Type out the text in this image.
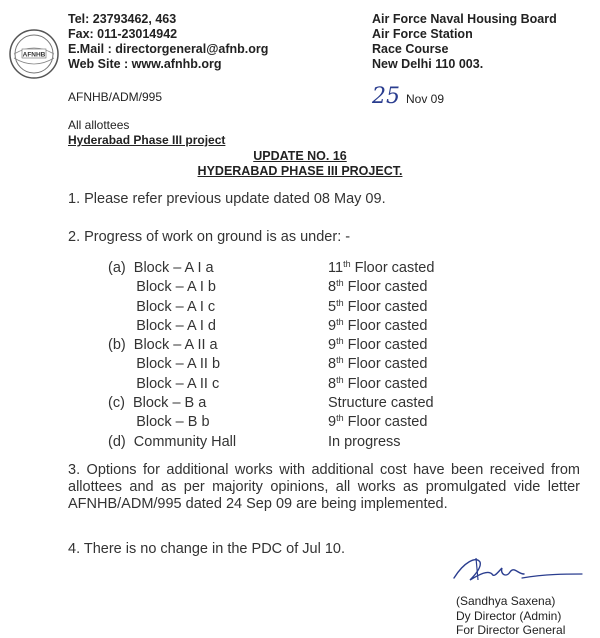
AFNHB
Tel: 23793462, 463
Fax: 011-23014942
E.Mail : directorgeneral@afnb.org
Web Site : www.afnhb.org
Air Force Naval Housing Board
Air Force Station
Race Course
New Delhi 110 003.
AFNHB/ADM/995	25 Nov 09
All allottees
Hyderabad Phase III project
UPDATE NO. 16
HYDERABAD PHASE III PROJECT.
1. Please refer previous update dated 08 May 09.
2. Progress of work on ground is as under: -
(a)  Block – A I a	11th Floor casted
Block – A I b	8th Floor casted
Block – A I c	5th Floor casted
Block – A I d	9th Floor casted
(b)  Block – A II a	9th Floor casted
Block – A II b	8th Floor casted
Block – A II c	8th Floor casted
(c)  Block – B a	Structure casted
Block – B b	9th Floor casted
(d)  Community Hall	In progress
3. Options for additional works with additional cost have been received from allottees and as per majority opinions, all works as promulgated vide letter AFNHB/ADM/995 dated 24 Sep 09 are being implemented.
4. There is no change in the PDC of Jul 10.
(Sandhya Saxena)
Dy Director (Admin)
For Director General
